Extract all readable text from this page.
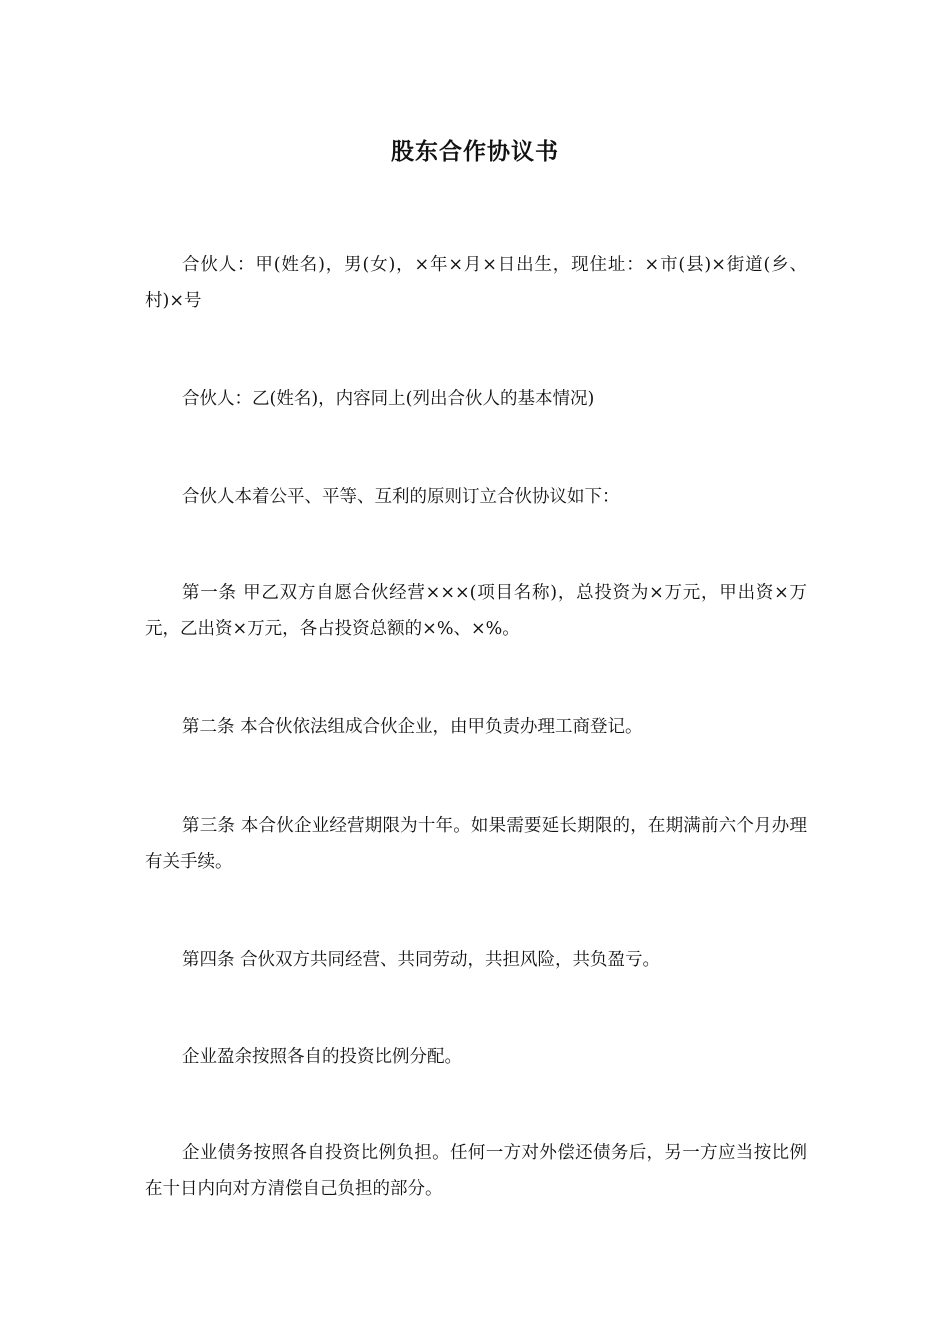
股东合作协议书

合伙人：甲(姓名)，男(女)，×年×月×日出生，现住址：×市(县)×街道(乡、村)×号

合伙人：乙(姓名)，内容同上(列出合伙人的基本情况)

合伙人本着公平、平等、互利的原则订立合伙协议如下：

第一条 甲乙双方自愿合伙经营×××(项目名称)，总投资为×万元，甲出资×万元，乙出资×万元，各占投资总额的×%、×%。

第二条 本合伙依法组成合伙企业，由甲负责办理工商登记。

第三条 本合伙企业经营期限为十年。如果需要延长期限的，在期满前六个月办理有关手续。

第四条 合伙双方共同经营、共同劳动，共担风险，共负盈亏。

企业盈余按照各自的投资比例分配。

企业债务按照各自投资比例负担。任何一方对外偿还债务后，另一方应当按比例在十日内向对方清偿自己负担的部分。
